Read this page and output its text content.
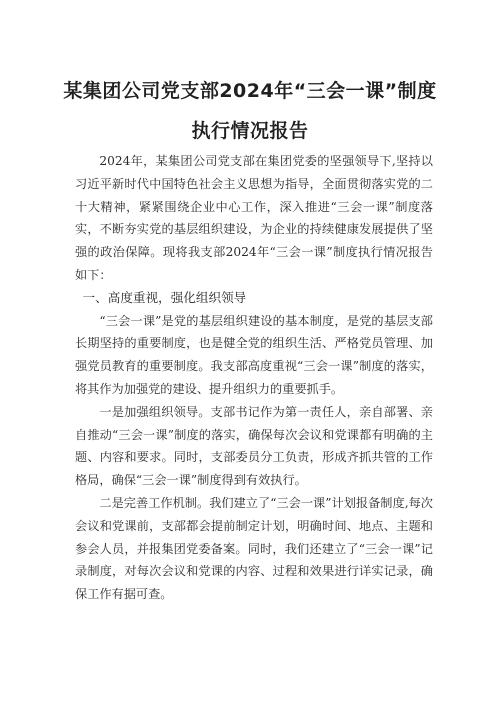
某集团公司党支部2024年“三会一课”制度
执行情况报告

2024年，某集团公司党支部在集团党委的坚强领导下,坚持以习近平新时代中国特色社会主义思想为指导，全面贯彻落实党的二十大精神，紧紧围绕企业中心工作，深入推进“三会一课”制度落实，不断夯实党的基层组织建设，为企业的持续健康发展提供了坚强的政治保障。现将我支部2024年“三会一课”制度执行情况报告如下：

一、高度重视，强化组织领导

“三会一课”是党的基层组织建设的基本制度，是党的基层支部长期坚持的重要制度，也是健全党的组织生活、严格党员管理、加强党员教育的重要制度。我支部高度重视“三会一课”制度的落实，将其作为加强党的建设、提升组织力的重要抓手。

一是加强组织领导。支部书记作为第一责任人，亲自部署、亲自推动“三会一课”制度的落实，确保每次会议和党课都有明确的主题、内容和要求。同时，支部委员分工负责，形成齐抓共管的工作格局，确保“三会一课”制度得到有效执行。

二是完善工作机制。我们建立了“三会一课”计划报备制度,每次会议和党课前，支部都会提前制定计划，明确时间、地点、主题和参会人员，并报集团党委备案。同时，我们还建立了“三会一课”记录制度，对每次会议和党课的内容、过程和效果进行详实记录，确保工作有据可查。
